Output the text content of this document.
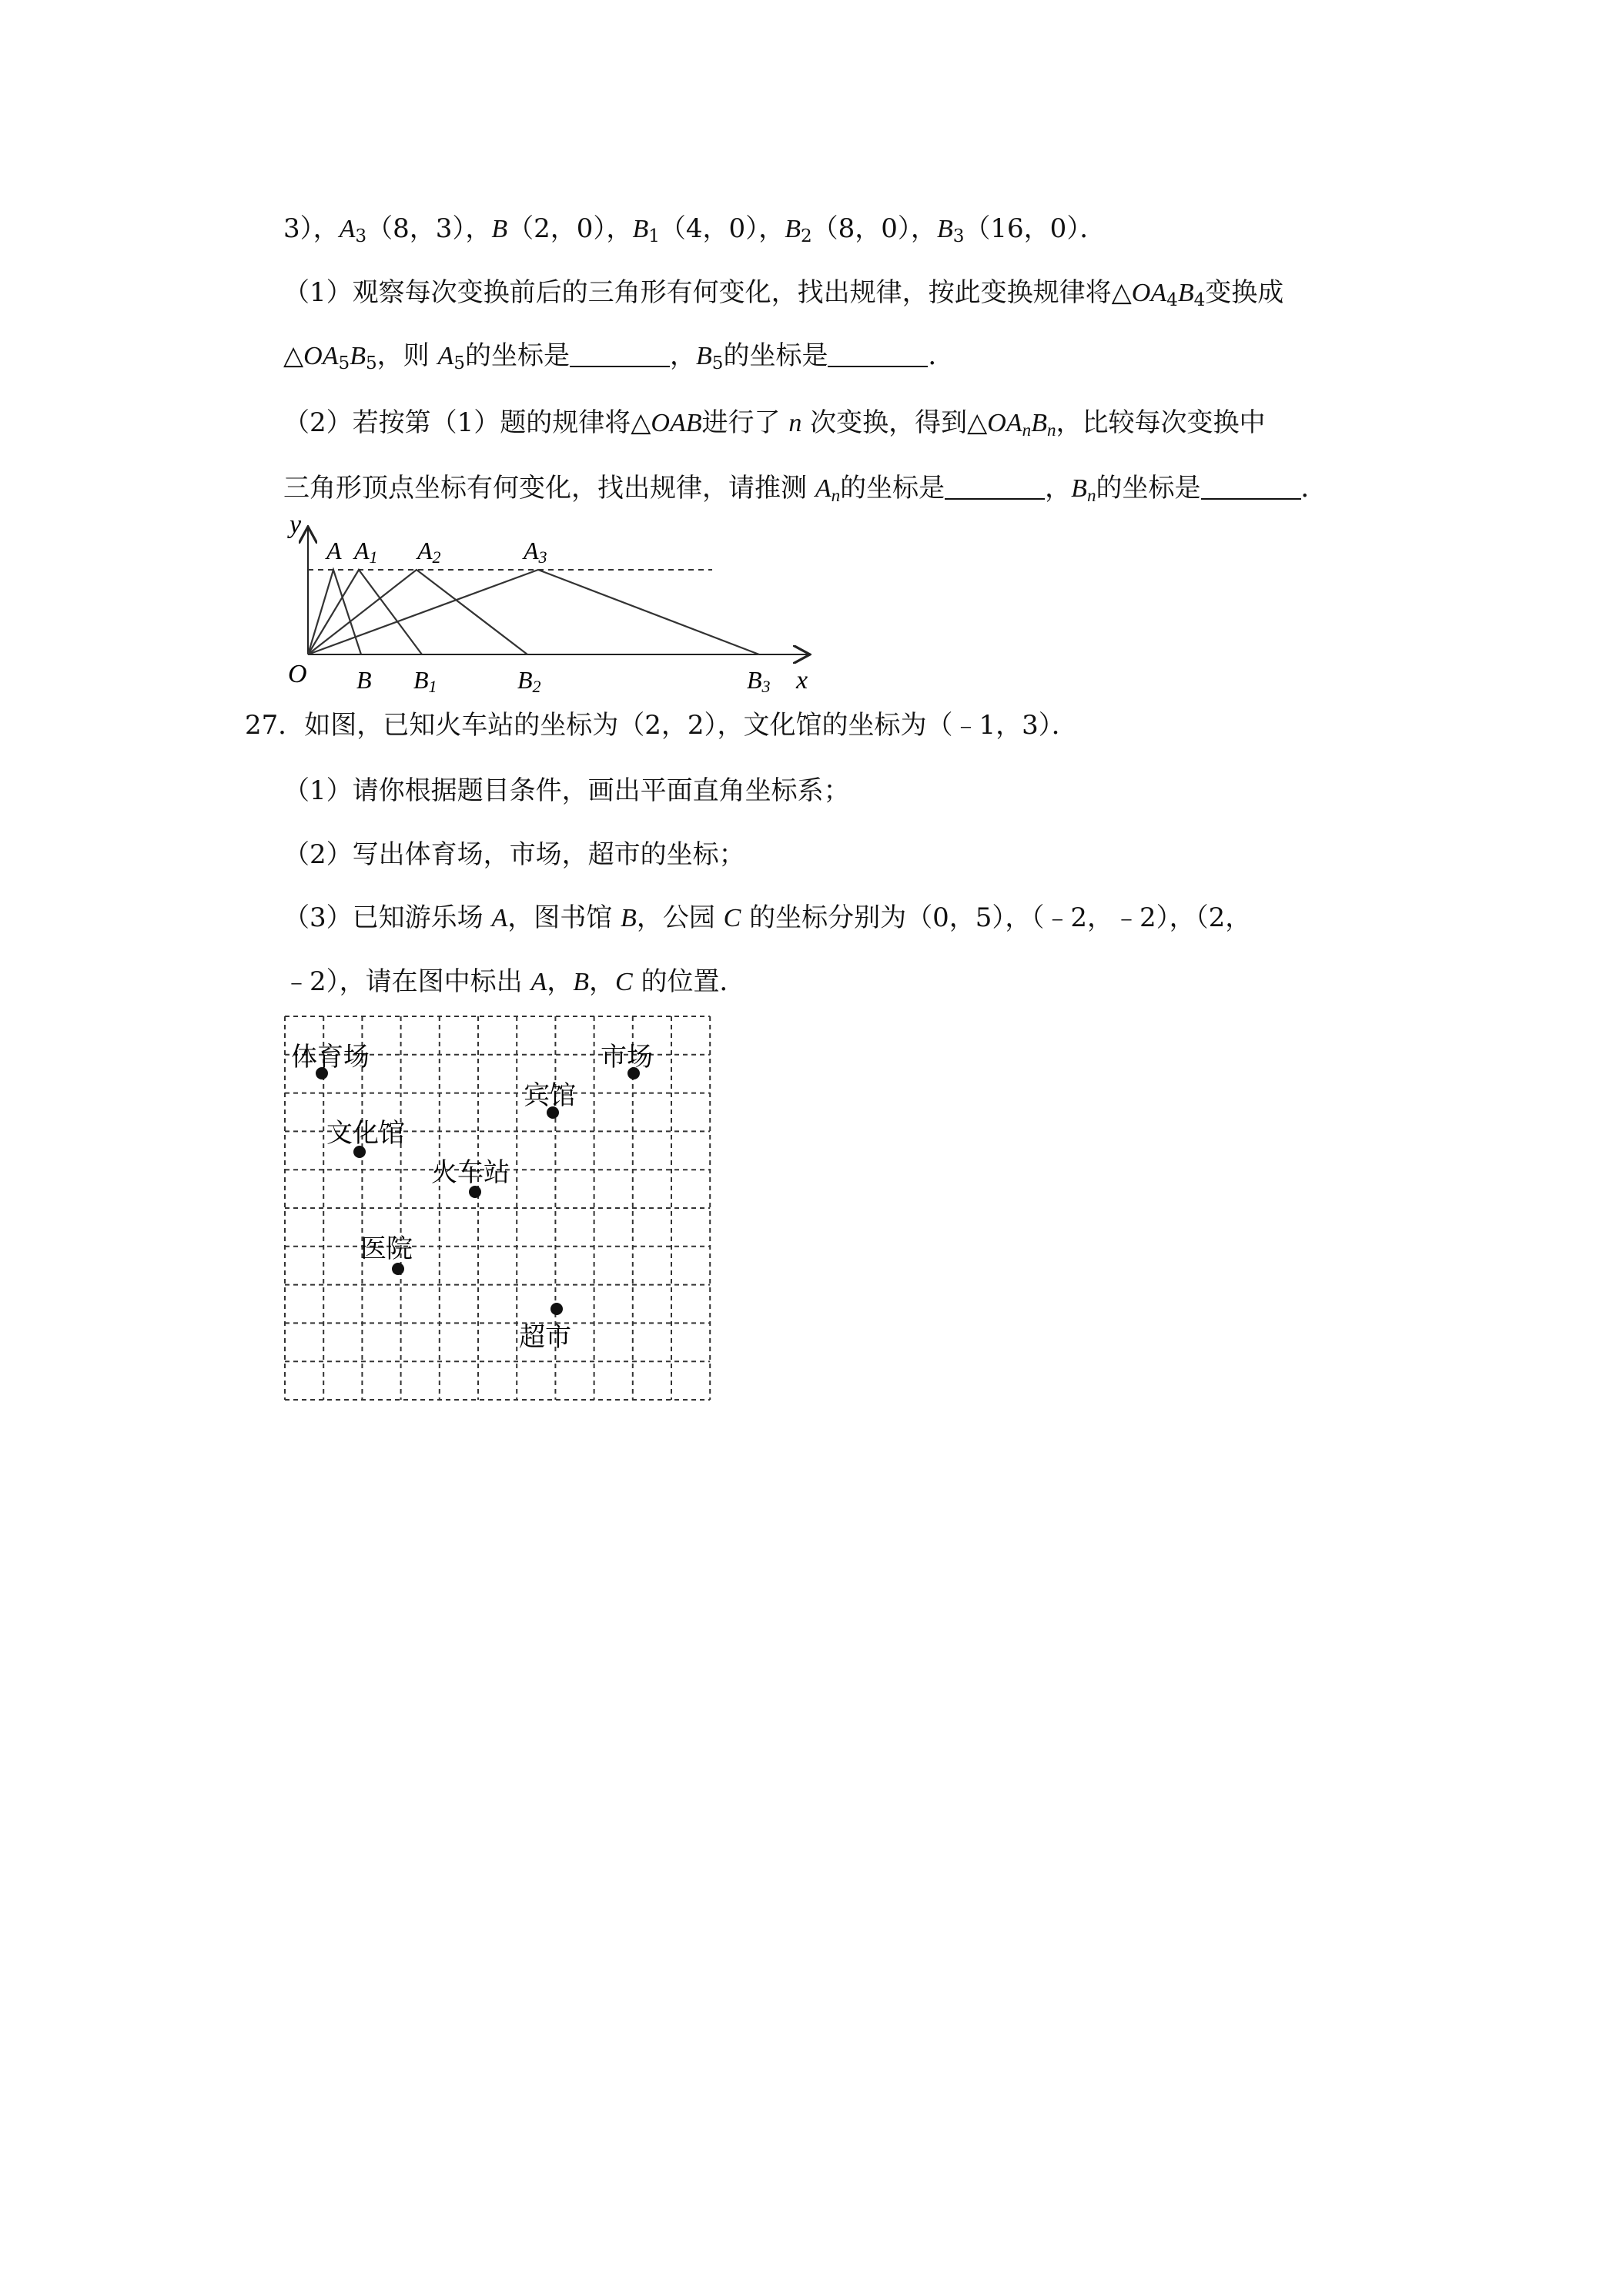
3），$A_3(8$，3），B（2，0），$B_1(4$，0），$B_2(8$，0），$B_3(16$，0）．
（1）观察每次变换前后的三角形有何变化，找出规律，按此变换规律将$\triangle OA_4B_4$变换成
$\triangle OA_5B_5$，则 $A_5$的坐标是	，$B_5$的坐标是	．
（2）若按第（1）题的规律将△OAB进行了 n 次变换，得到$\triangle OA_nB_n$，比较每次变换中
三角形顶点坐标有何变化，找出规律，请推测 $A_n$的坐标是	，$B_n$的坐标是	．
y
x
O
A A1 A2	A3
B B1	B2	B3
27．如图，已知火车站的坐标为（2，2），文化馆的坐标为（﹣1，3）．
（1）请你根据题目条件，画出平面直角坐标系；
（2）写出体育场，市场，超市的坐标；
（3）已知游乐场 A，图书馆 B，公园 C 的坐标分别为（0，5），（﹣2，﹣2），（2，
﹣2），请在图中标出 A，B，C 的位置．
体育场	市场
宾馆
文化馆
火车站
医院
超市
